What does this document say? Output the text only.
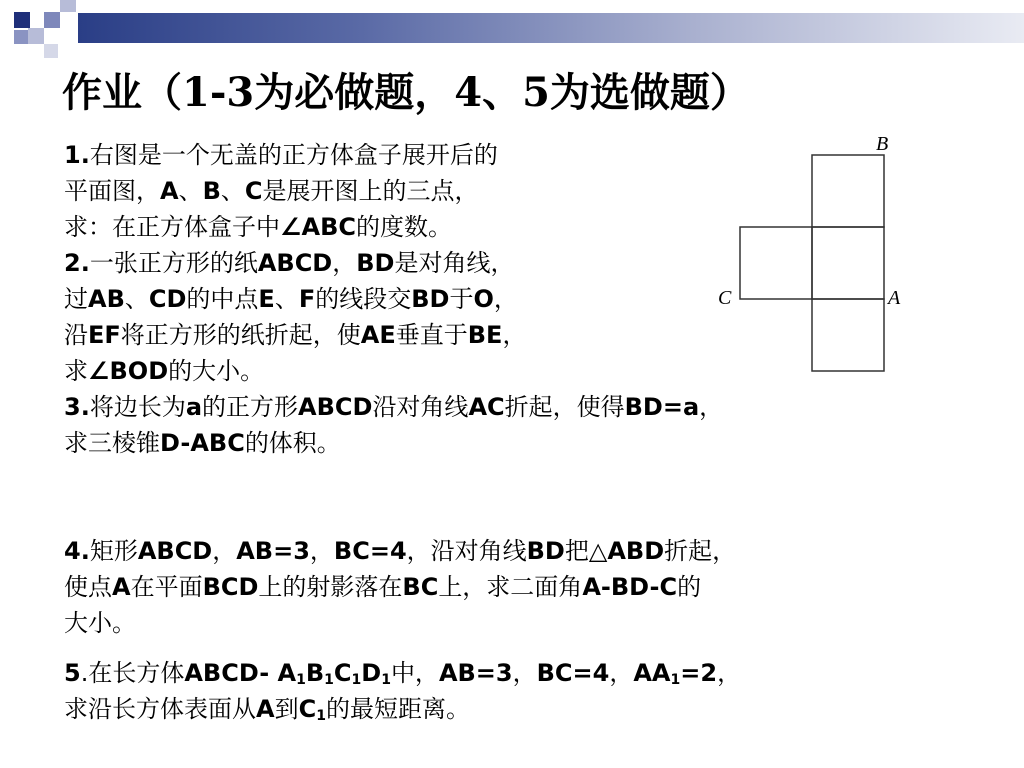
作业（1-3为必做题，4、5为选做题）

1.右图是一个无盖的正方体盒子展开后的

平面图，A、B、C是展开图上的三点，

求：在正方体盒子中∠ABC的度数。

2.一张正方形的纸ABCD，BD是对角线，

过AB、CD的中点E、F的线段交BD于O，

沿EF将正方形的纸折起，使AE垂直于BE，

求∠BOD的大小。

3.将边长为a的正方形ABCD沿对角线AC折起，使得BD=a，

求三棱锥D-ABC的体积。

4.矩形ABCD，AB=3，BC=4，沿对角线BD把△ABD折起，

使点A在平面BCD上的射影落在BC上，求二面角A-BD-C的

大小。

5.在长方体ABCD- $A_1B_1C_1D_1$中，AB=3，BC=4，$AA_1=2$，

求沿长方体表面从A到$C_1$的最短距离。

B
C	A
